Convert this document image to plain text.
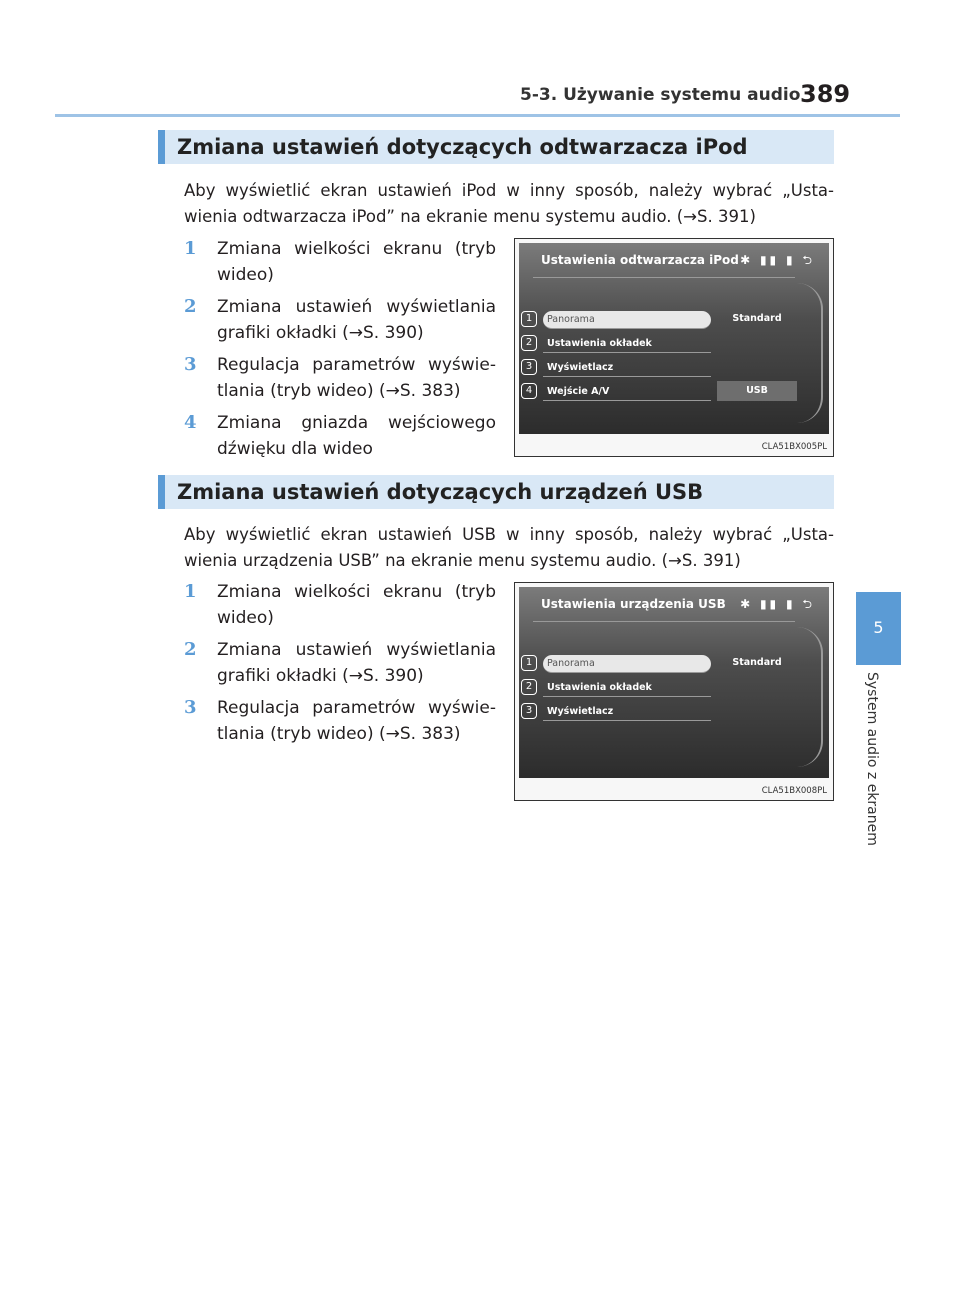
5-3. Używanie systemu audio 389
5
System audio z ekranem
Zmiana ustawień dotyczących odtwarzacza iPod
Aby wyświetlić ekran ustawień iPod w inny sposób, należy wybrać „Usta-wienia odtwarzacza iPod” na ekranie menu systemu audio. (→S. 391)
1 Zmiana wielkości ekranu (tryb wideo)
2 Zmiana ustawień wyświetlania grafiki okładki (→S. 390)
3 Regulacja parametrów wyświe-tlania (tryb wideo) (→S. 383)
4 Zmiana gniazda wejściowego dźwięku dla wideo
Ustawienia odtwarzacza iPod ✱ ▮▮ ▮ ⮌
1	Panorama	Standard
2	Ustawienia okładek
3	Wyświetlacz
4	Wejście A/V	USB
CLA51BX005PL
Zmiana ustawień dotyczących urządzeń USB
Aby wyświetlić ekran ustawień USB w inny sposób, należy wybrać „Usta-wienia urządzenia USB” na ekranie menu systemu audio. (→S. 391)
1 Zmiana wielkości ekranu (tryb wideo)
2 Zmiana ustawień wyświetlania grafiki okładki (→S. 390)
3 Regulacja parametrów wyświe-tlania (tryb wideo) (→S. 383)
Ustawienia urządzenia USB ✱ ▮▮ ▮ ⮌
1	Panorama	Standard
2	Ustawienia okładek
3	Wyświetlacz
CLA51BX008PL
